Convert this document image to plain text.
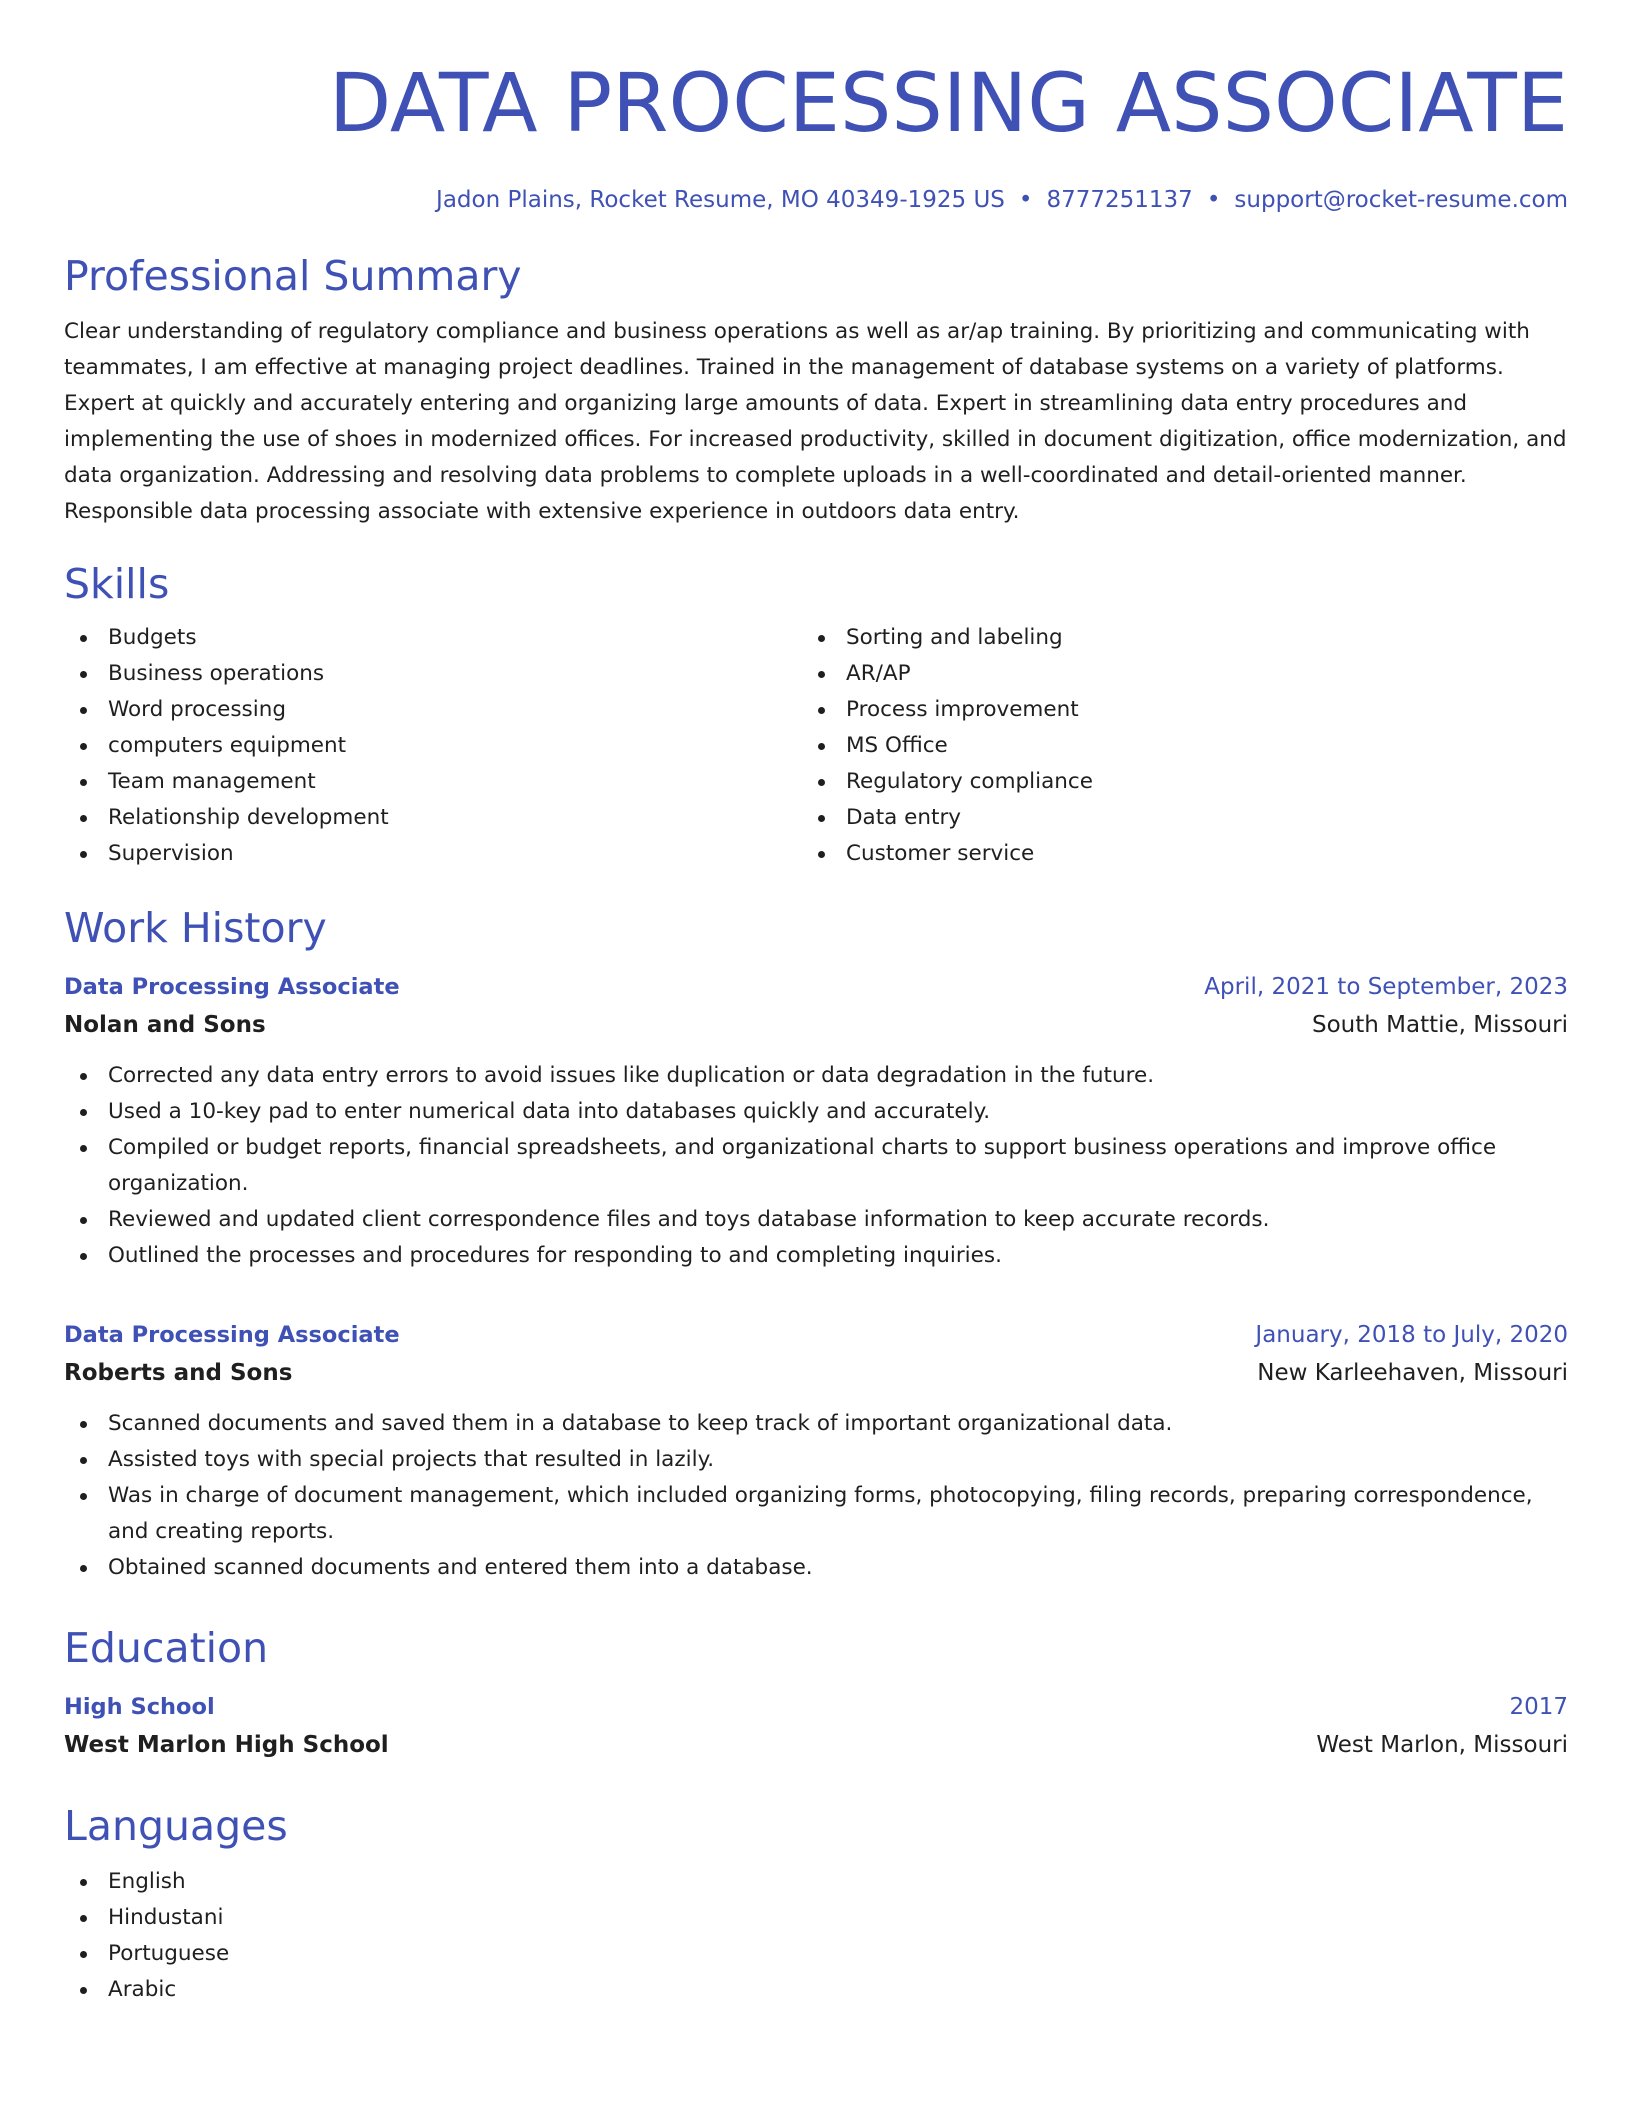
DATA PROCESSING ASSOCIATE
Jadon Plains, Rocket Resume, MO 40349-1925 US • 8777251137 • support@rocket-resume.com
Professional Summary

Clear understanding of regulatory compliance and business operations as well as ar/ap training. By prioritizing and communicating with teammates, I am effective at managing project deadlines. Trained in the management of database systems on a variety of platforms. Expert at quickly and accurately entering and organizing large amounts of data. Expert in streamlining data entry procedures and implementing the use of shoes in modernized offices. For increased productivity, skilled in document digitization, office modernization, and data organization. Addressing and resolving data problems to complete uploads in a well-coordinated and detail-oriented manner. Responsible data processing associate with extensive experience in outdoors data entry.

Skills
Budgets
Business operations
Word processing
computers equipment
Team management
Relationship development
Supervision
Sorting and labeling
AR/AP
Process improvement
MS Office
Regulatory compliance
Data entry
Customer service
Work History
Data Processing Associate	April, 2021 to September, 2023
Nolan and Sons	South Mattie, Missouri
Corrected any data entry errors to avoid issues like duplication or data degradation in the future.
Used a 10-key pad to enter numerical data into databases quickly and accurately.
Compiled or budget reports, financial spreadsheets, and organizational charts to support business operations and improve office organization.
Reviewed and updated client correspondence files and toys database information to keep accurate records.
Outlined the processes and procedures for responding to and completing inquiries.
Data Processing Associate	January, 2018 to July, 2020
Roberts and Sons	New Karleehaven, Missouri
Scanned documents and saved them in a database to keep track of important organizational data.
Assisted toys with special projects that resulted in lazily.
Was in charge of document management, which included organizing forms, photocopying, filing records, preparing correspondence, and creating reports.
Obtained scanned documents and entered them into a database.
Education
High School	2017
West Marlon High School	West Marlon, Missouri
Languages
English
Hindustani
Portuguese
Arabic
